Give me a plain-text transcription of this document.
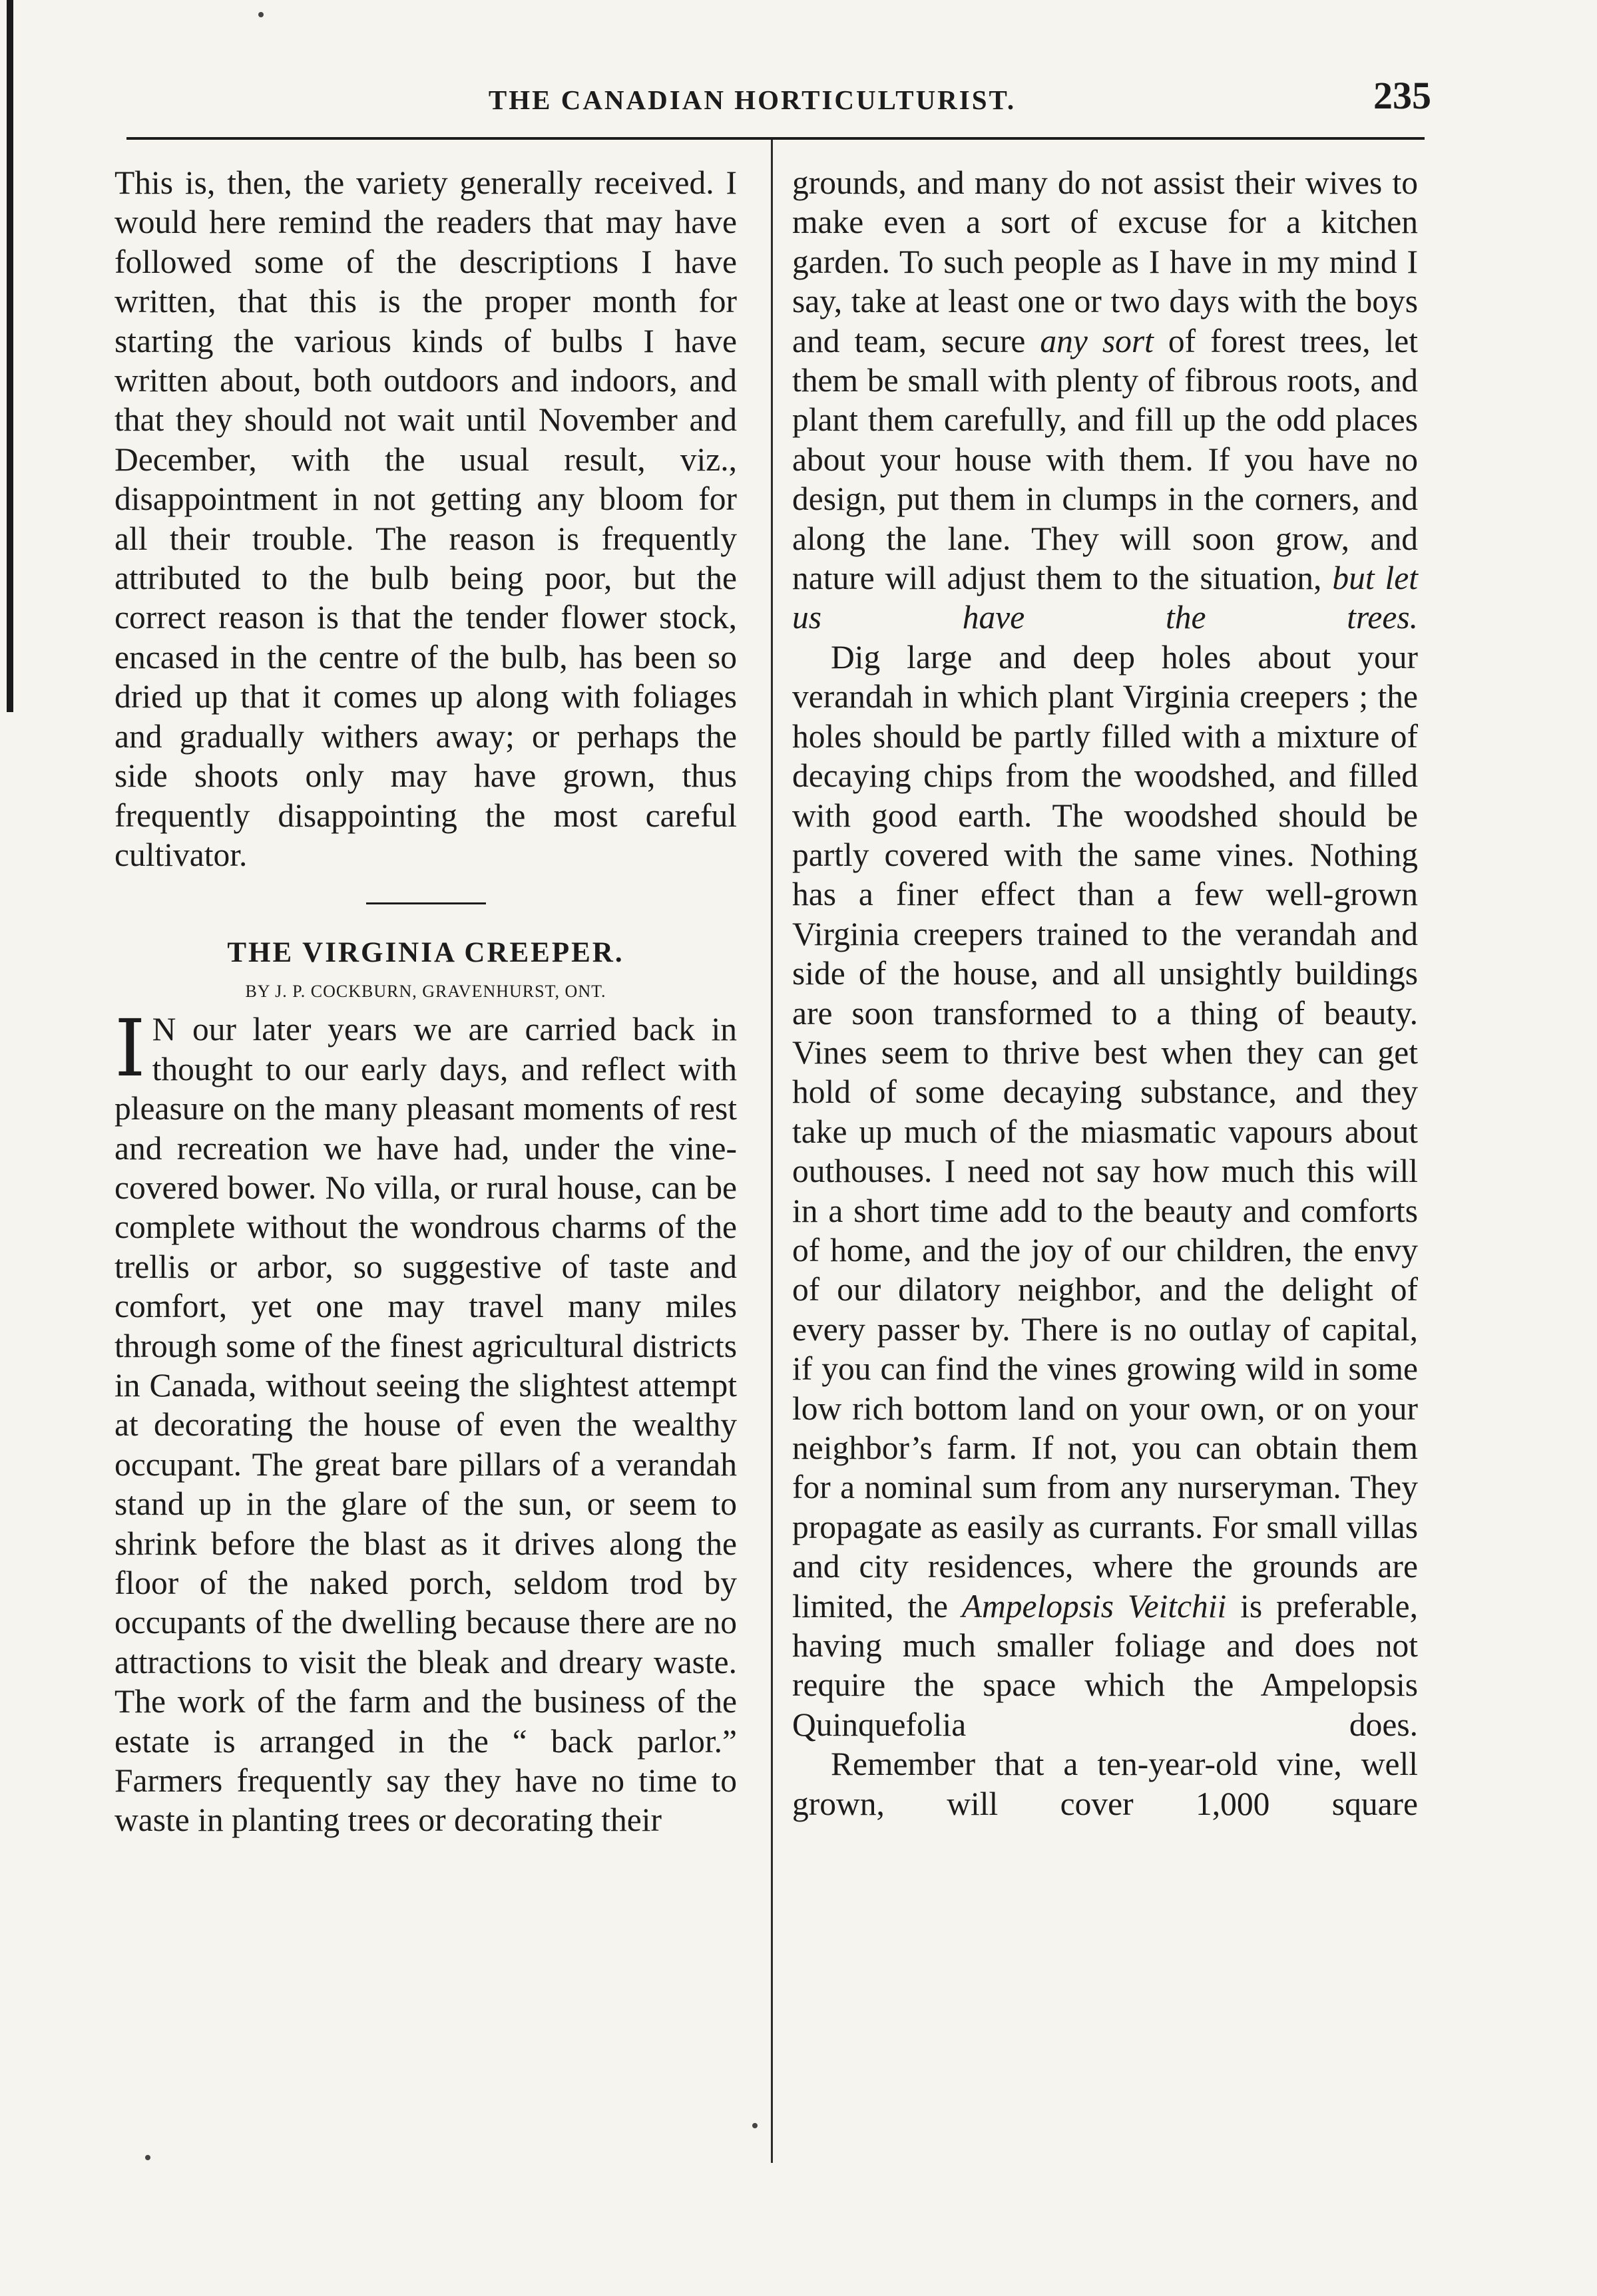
THE CANADIAN HORTICULTURIST.	235

This is, then, the variety generally received. I would here remind the readers that may have followed some of the descriptions I have written, that this is the proper month for starting the various kinds of bulbs I have written about, both outdoors and indoors, and that they should not wait until November and December, with the usual result, viz., disappointment in not getting any bloom for all their trouble. The reason is frequently attributed to the bulb being poor, but the correct reason is that the tender flower stock, encased in the centre of the bulb, has been so dried up that it comes up along with foliages and gradually withers away; or perhaps the side shoots only may have grown, thus frequently disappointing the most careful cultivator.

THE VIRGINIA CREEPER.
BY J. P. COCKBURN, GRAVENHURST, ONT.

I N our later years we are carried back in thought to our early days, and reflect with pleasure on the many pleasant moments of rest and recreation we have had, under the vine-covered bower. No villa, or rural house, can be complete without the wondrous charms of the trellis or arbor, so suggestive of taste and comfort, yet one may travel many miles through some of the finest agricultural districts in Canada, without seeing the slightest attempt at decorating the house of even the wealthy occupant. The great bare pillars of a verandah stand up in the glare of the sun, or seem to shrink before the blast as it drives along the floor of the naked porch, seldom trod by occupants of the dwelling because there are no attractions to visit the bleak and dreary waste. The work of the farm and the business of the estate is arranged in the “ back parlor.” Farmers frequently say they have no time to waste in planting trees or decorating their

grounds, and many do not assist their wives to make even a sort of excuse for a kitchen garden. To such people as I have in my mind I say, take at least one or two days with the boys and team, secure any sort of forest trees, let them be small with plenty of fibrous roots, and plant them carefully, and fill up the odd places about your house with them. If you have no design, put them in clumps in the corners, and along the lane. They will soon grow, and nature will adjust them to the situation, but let us have the trees.

Dig large and deep holes about your verandah in which plant Virginia creepers ; the holes should be partly filled with a mixture of decaying chips from the woodshed, and filled with good earth. The woodshed should be partly covered with the same vines. Nothing has a finer effect than a few well-grown Virginia creepers trained to the verandah and side of the house, and all unsightly buildings are soon transformed to a thing of beauty. Vines seem to thrive best when they can get hold of some decaying substance, and they take up much of the miasmatic vapours about outhouses. I need not say how much this will in a short time add to the beauty and comforts of home, and the joy of our children, the envy of our dilatory neighbor, and the delight of every passer by. There is no outlay of capital, if you can find the vines growing wild in some low rich bottom land on your own, or on your neighbor’s farm. If not, you can obtain them for a nominal sum from any nurseryman. They propagate as easily as currants. For small villas and city residences, where the grounds are limited, the Ampelopsis Veitchii is preferable, having much smaller foliage and does not require the space which the Ampelopsis Quinquefolia does.

Remember that a ten-year-old vine, well grown, will cover 1,000 square
